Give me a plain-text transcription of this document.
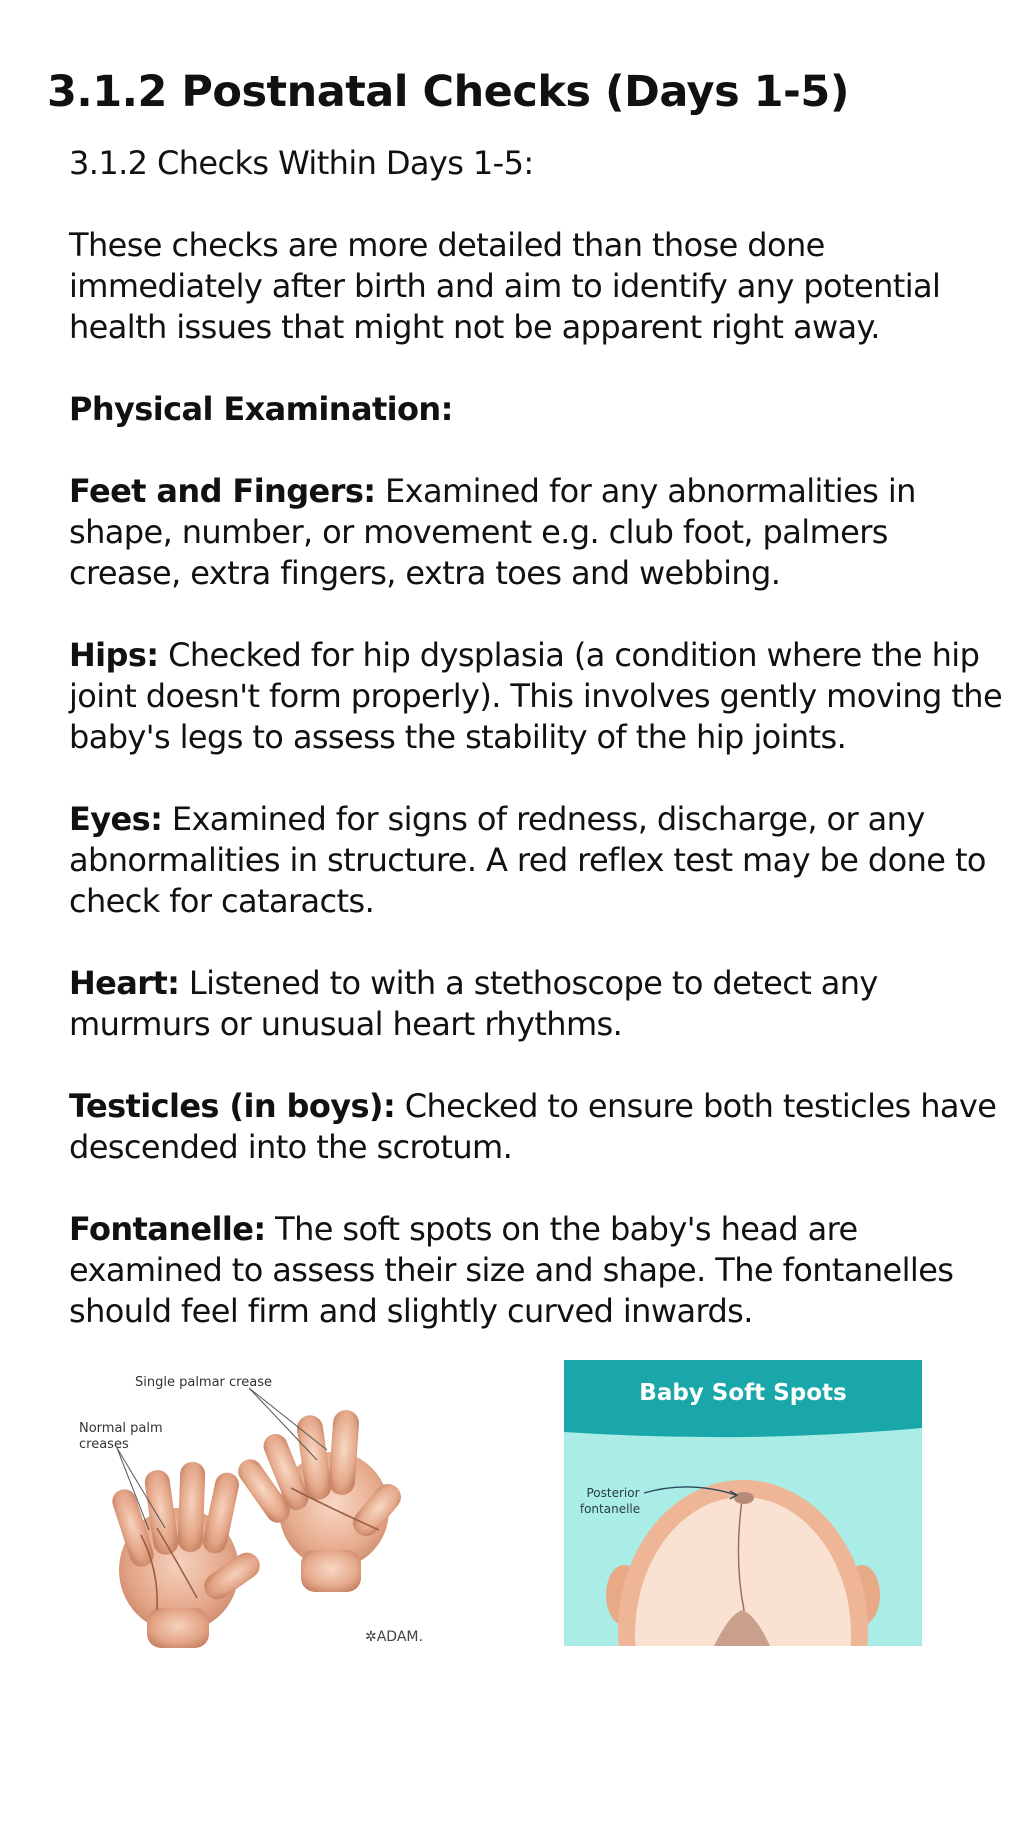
3.1.2 Postnatal Checks (Days 1-5)

3.1.2 Checks Within Days 1-5:

These checks are more detailed than those done immediately after birth and aim to identify any potential health issues that might not be apparent right away.

Physical Examination:

Feet and Fingers: Examined for any abnormalities in shape, number, or movement e.g. club foot, palmers crease, extra fingers, extra toes and webbing.

Hips: Checked for hip dysplasia (a condition where the hip joint doesn't form properly). This involves gently moving the baby's legs to assess the stability of the hip joints.

Eyes: Examined for signs of redness, discharge, or any abnormalities in structure. A red reflex test may be done to check for cataracts.

Heart: Listened to with a stethoscope to detect any murmurs or unusual heart rhythms.

Testicles (in boys): Checked to ensure both testicles have descended into the scrotum.

Fontanelle: The soft spots on the baby's head are examined to assess their size and shape. The fontanelles should feel firm and slightly curved inwards.

Single palmar crease
Normal palm
creases
✲ADAM.
Baby Soft Spots
Posterior
fontanelle
